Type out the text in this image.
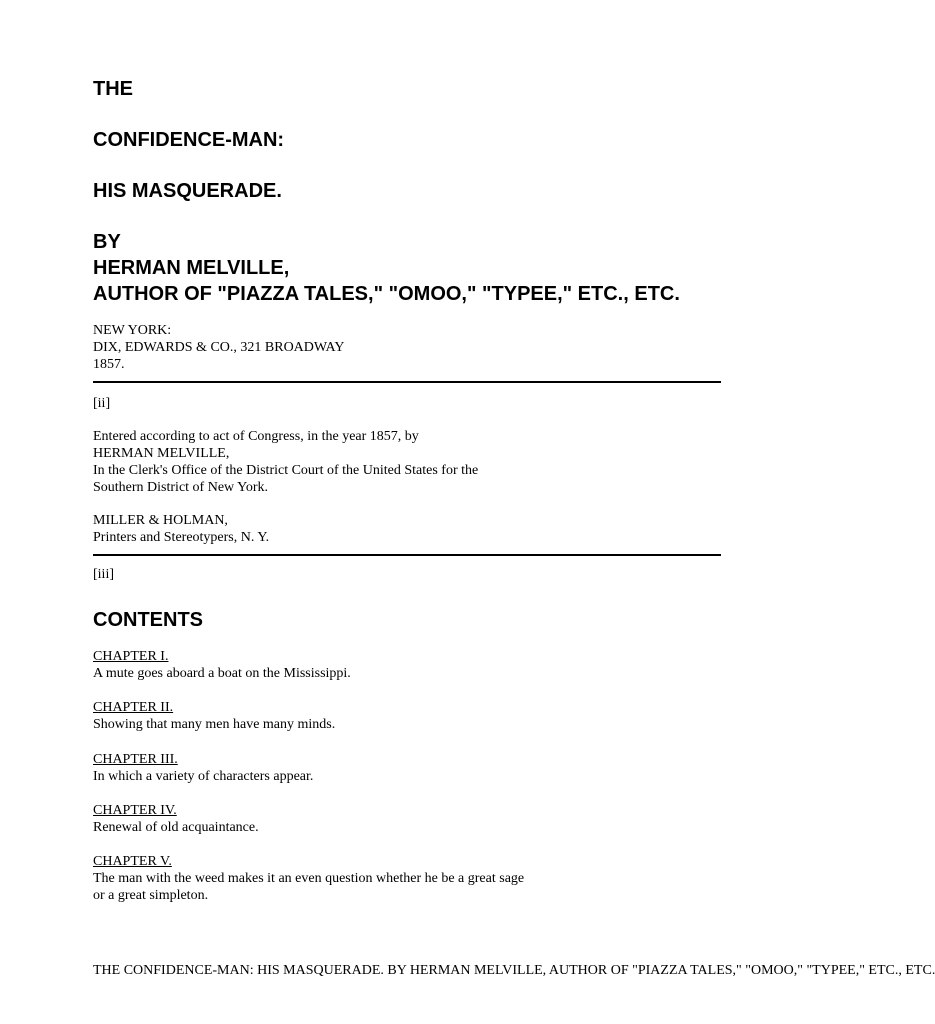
THE
CONFIDENCE-MAN:
HIS MASQUERADE.
BY
HERMAN MELVILLE,
AUTHOR OF "PIAZZA TALES," "OMOO," "TYPEE," ETC., ETC.
NEW YORK:
DIX, EDWARDS & CO., 321 BROADWAY
1857.
[ii]
Entered according to act of Congress, in the year 1857, by
HERMAN MELVILLE,
In the Clerk's Office of the District Court of the United States for the
Southern District of New York.
MILLER & HOLMAN,
Printers and Stereotypers, N. Y.
[iii]
CONTENTS
CHAPTER I.
A mute goes aboard a boat on the Mississippi.
CHAPTER II.
Showing that many men have many minds.
CHAPTER III.
In which a variety of characters appear.
CHAPTER IV.
Renewal of old acquaintance.
CHAPTER V.
The man with the weed makes it an even question whether he be a great sage
or a great simpleton.
THE CONFIDENCE-MAN: HIS MASQUERADE. BY HERMAN MELVILLE, AUTHOR OF "PIAZZA TALES," "OMOO," "TYPEE," ETC., ETC.
